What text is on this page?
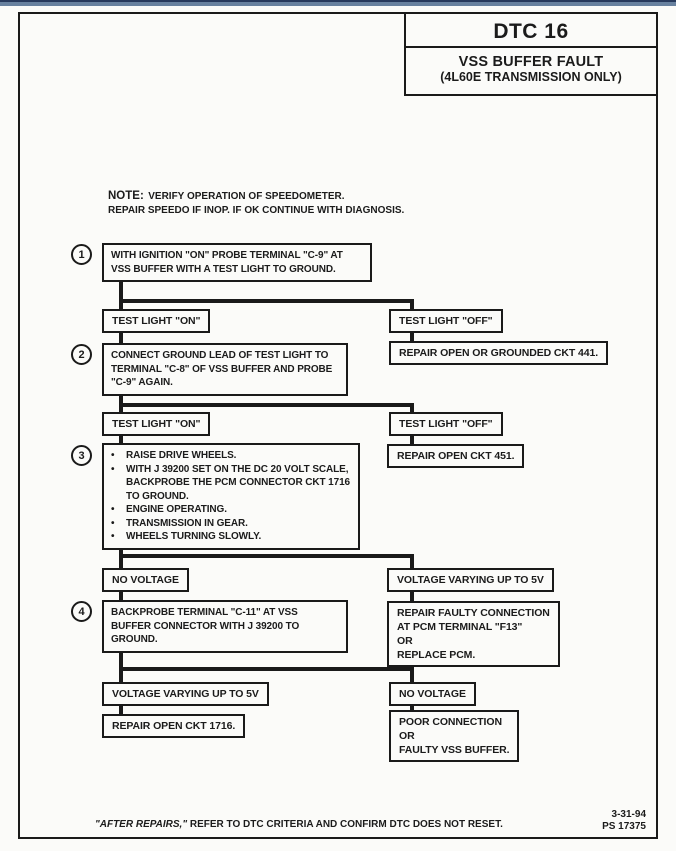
DTC 16
VSS BUFFER FAULT
(4L60E TRANSMISSION ONLY)
NOTE: VERIFY OPERATION OF SPEEDOMETER.
REPAIR SPEEDO IF INOP. IF OK CONTINUE WITH DIAGNOSIS.
1
2
3
4
WITH IGNITION "ON" PROBE TERMINAL "C-9" AT VSS BUFFER WITH A TEST LIGHT TO GROUND.
TEST LIGHT "ON"	TEST LIGHT "OFF"
REPAIR OPEN OR GROUNDED CKT 441.
CONNECT GROUND LEAD OF TEST LIGHT TO TERMINAL "C-8" OF VSS BUFFER AND PROBE "C-9" AGAIN.
TEST LIGHT "ON"	TEST LIGHT "OFF"
REPAIR OPEN CKT 451.
•	RAISE DRIVE WHEELS.
•	WITH J 39200 SET ON THE DC 20 VOLT SCALE, BACKPROBE THE PCM CONNECTOR CKT 1716 TO GROUND.
•	ENGINE OPERATING.
•	TRANSMISSION IN GEAR.
•	WHEELS TURNING SLOWLY.
NO VOLTAGE	VOLTAGE VARYING UP TO 5V
REPAIR FAULTY CONNECTION
AT PCM TERMINAL "F13"
OR
REPLACE PCM.
BACKPROBE TERMINAL "C-11" AT VSS BUFFER CONNECTOR WITH J 39200 TO GROUND.
VOLTAGE VARYING UP TO 5V
REPAIR OPEN CKT 1716.
NO VOLTAGE
POOR CONNECTION
OR
FAULTY VSS BUFFER.
"AFTER REPAIRS," REFER TO DTC CRITERIA AND CONFIRM DTC DOES NOT RESET.
3-31-94
PS 17375
